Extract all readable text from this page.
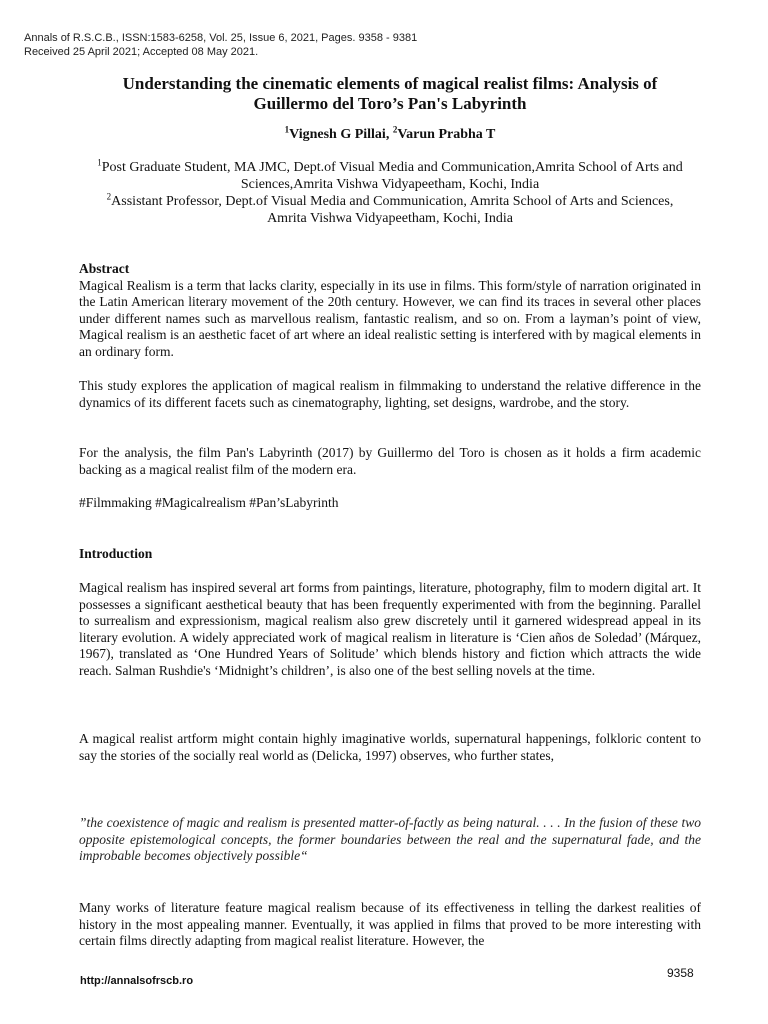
Annals of R.S.C.B., ISSN:1583-6258, Vol. 25, Issue 6, 2021, Pages. 9358 - 9381
Received 25 April 2021; Accepted 08 May 2021.
Understanding the cinematic elements of magical realist films: Analysis of
Guillermo del Toro’s Pan's Labyrinth
$^1$Vignesh G Pillai, $^2$Varun Prabha T
$^1$Post Graduate Student, MA JMC, Dept.of Visual Media and Communication,Amrita School of Arts and Sciences,Amrita Vishwa Vidyapeetham, Kochi, India
$^2$Assistant Professor, Dept.of Visual Media and Communication, Amrita School of Arts and Sciences, Amrita Vishwa Vidyapeetham, Kochi, India

Abstract

Magical Realism is a term that lacks clarity, especially in its use in films. This form/style of narration originated in the Latin American literary movement of the 20th century. However, we can find its traces in several other places under different names such as marvellous realism, fantastic realism, and so on. From a layman’s point of view, Magical realism is an aesthetic facet of art where an ideal realistic setting is interfered with by magical elements in an ordinary form.

This study explores the application of magical realism in filmmaking to understand the relative difference in the dynamics of its different facets such as cinematography, lighting, set designs, wardrobe, and the story.

For the analysis, the film Pan's Labyrinth (2017) by Guillermo del Toro is chosen as it holds a firm academic backing as a magical realist film of the modern era.

#Filmmaking #Magicalrealism #Pan’sLabyrinth

Introduction

Magical realism has inspired several art forms from paintings, literature, photography, film to modern digital art. It possesses a significant aesthetical beauty that has been frequently experimented with from the beginning. Parallel to surrealism and expressionism, magical realism also grew discretely until it garnered widespread appeal in its literary evolution. A widely appreciated work of magical realism in literature is ‘Cien años de Soledad’ (Márquez, 1967), translated as ‘One Hundred Years of Solitude’ which blends history and fiction which attracts the wide reach. Salman Rushdie's ‘Midnight’s children’, is also one of the best selling novels at the time.

A magical realist artform might contain highly imaginative worlds, supernatural happenings, folkloric content to say the stories of the socially real world as (Delicka, 1997) observes, who further states,

”the coexistence of magic and realism is presented matter-of-factly as being natural. . . . In the fusion of these two opposite epistemological concepts, the former boundaries between the real and the supernatural fade, and the improbable becomes objectively possible“

Many works of literature feature magical realism because of its effectiveness in telling the darkest realities of history in the most appealing manner. Eventually, it was applied in films that proved to be more interesting with certain films directly adapting from magical realist literature. However, the

http://annalsofrscb.ro
9358
